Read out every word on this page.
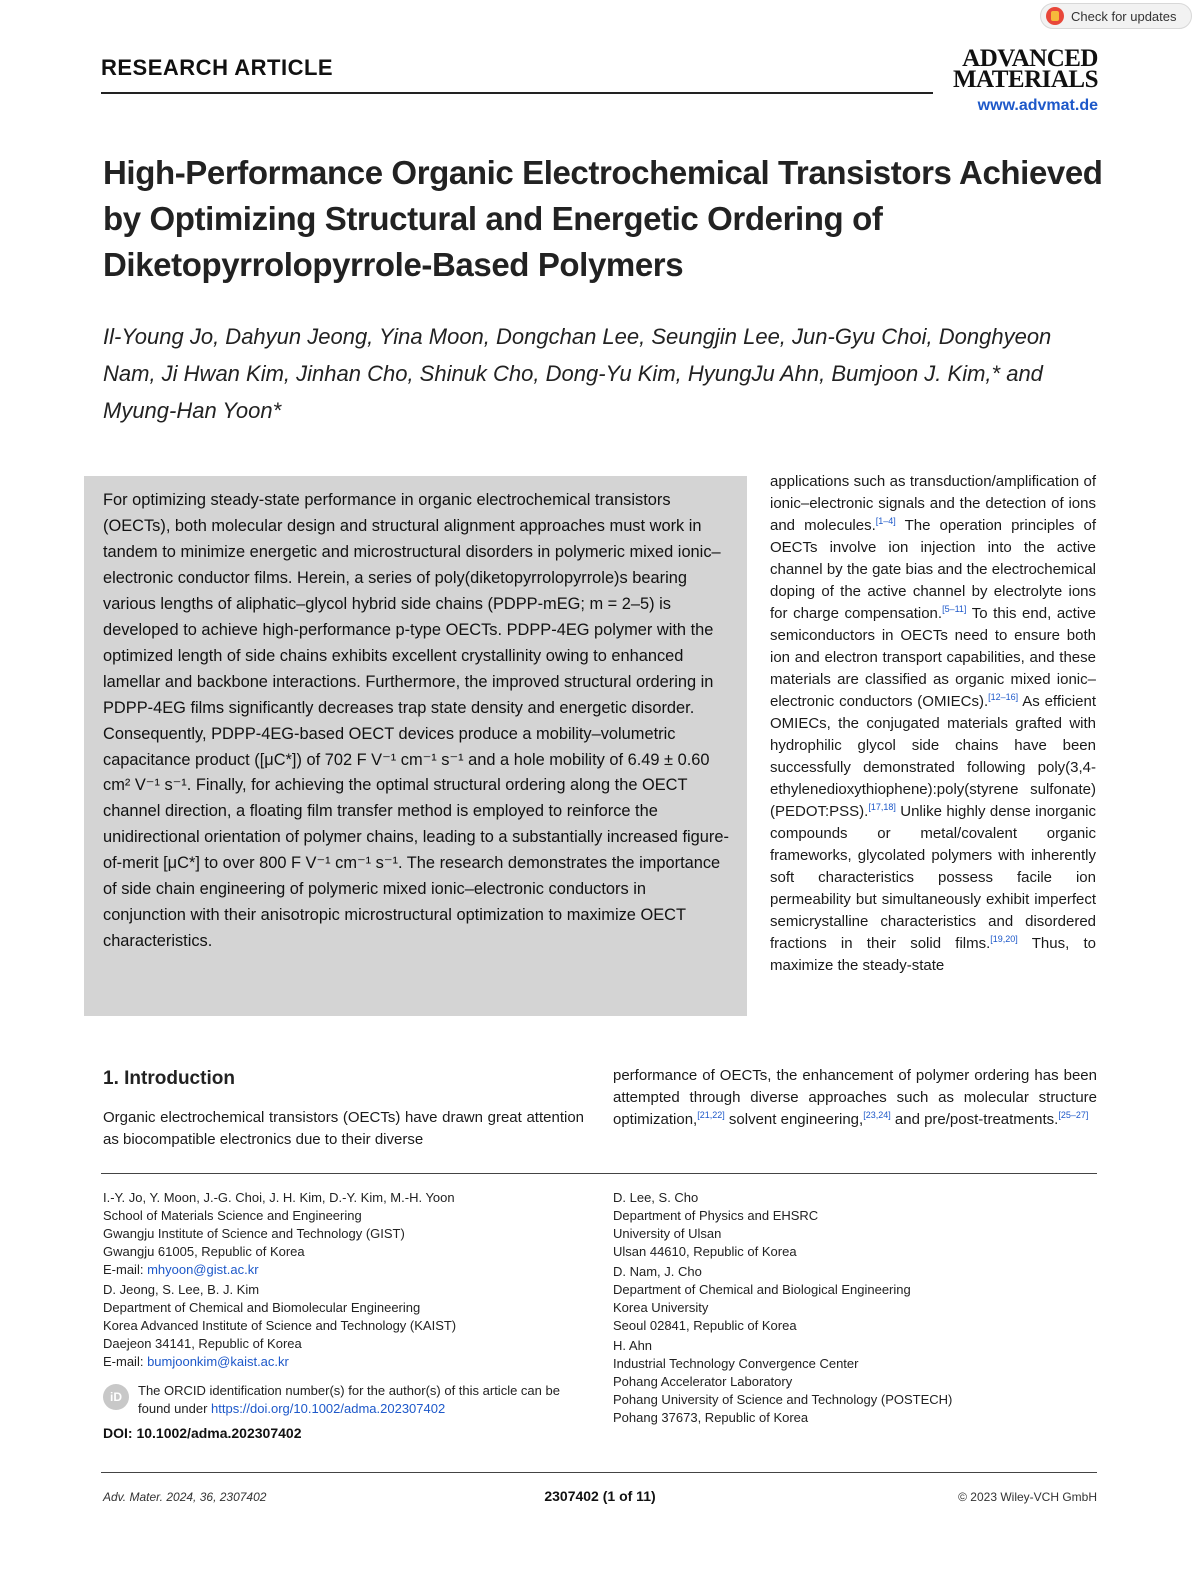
Check for updates
RESEARCH ARTICLE	ADVANCED
MATERIALS
www.advmat.de
High-Performance Organic Electrochemical Transistors Achieved by Optimizing Structural and Energetic Ordering of Diketopyrrolopyrrole-Based Polymers
Il-Young Jo, Dahyun Jeong, Yina Moon, Dongchan Lee, Seungjin Lee, Jun-Gyu Choi, Donghyeon Nam, Ji Hwan Kim, Jinhan Cho, Shinuk Cho, Dong-Yu Kim, HyungJu Ahn, Bumjoon J. Kim,* and Myung-Han Yoon*
For optimizing steady-state performance in organic electrochemical transistors (OECTs), both molecular design and structural alignment approaches must work in tandem to minimize energetic and microstructural disorders in polymeric mixed ionic–electronic conductor films. Herein, a series of poly(diketopyrrolopyrrole)s bearing various lengths of aliphatic–glycol hybrid side chains (PDPP-mEG; m = 2–5) is developed to achieve high-performance p-type OECTs. PDPP-4EG polymer with the optimized length of side chains exhibits excellent crystallinity owing to enhanced lamellar and backbone interactions. Furthermore, the improved structural ordering in PDPP-4EG films significantly decreases trap state density and energetic disorder. Consequently, PDPP-4EG-based OECT devices produce a mobility–volumetric capacitance product ([μC*]) of 702 F V⁻¹ cm⁻¹ s⁻¹ and a hole mobility of 6.49 ± 0.60 cm² V⁻¹ s⁻¹. Finally, for achieving the optimal structural ordering along the OECT channel direction, a floating film transfer method is employed to reinforce the unidirectional orientation of polymer chains, leading to a substantially increased figure-of-merit [μC*] to over 800 F V⁻¹ cm⁻¹ s⁻¹. The research demonstrates the importance of side chain engineering of polymeric mixed ionic–electronic conductors in conjunction with their anisotropic microstructural optimization to maximize OECT characteristics.
applications such as transduction/amplification of ionic–electronic signals and the detection of ions and molecules.[1–4] The operation principles of OECTs involve ion injection into the active channel by the gate bias and the electrochemical doping of the active channel by electrolyte ions for charge compensation.[5–11] To this end, active semiconductors in OECTs need to ensure both ion and electron transport capabilities, and these materials are classified as organic mixed ionic–electronic conductors (OMIECs).[12–16] As efficient OMIECs, the conjugated materials grafted with hydrophilic glycol side chains have been successfully demonstrated following poly(3,4-ethylenedioxythiophene):poly(styrene sulfonate) (PEDOT:PSS).[17,18] Unlike highly dense inorganic compounds or metal/covalent organic frameworks, glycolated polymers with inherently soft characteristics possess facile ion permeability but simultaneously exhibit imperfect semicrystalline characteristics and disordered fractions in their solid films.[19,20] Thus, to maximize the steady-state
performance of OECTs, the enhancement of polymer ordering has been attempted through diverse approaches such as molecular structure optimization,[21,22] solvent engineering,[23,24] and pre/post-treatments.[25–27]
1. Introduction
Organic electrochemical transistors (OECTs) have drawn great attention as biocompatible electronics due to their diverse
I.-Y. Jo, Y. Moon, J.-G. Choi, J. H. Kim, D.-Y. Kim, M.-H. Yoon
School of Materials Science and Engineering
Gwangju Institute of Science and Technology (GIST)
Gwangju 61005, Republic of Korea
E-mail: mhyoon@gist.ac.kr
D. Jeong, S. Lee, B. J. Kim
Department of Chemical and Biomolecular Engineering
Korea Advanced Institute of Science and Technology (KAIST)
Daejeon 34141, Republic of Korea
E-mail: bumjoonkim@kaist.ac.kr
iD	The ORCID identification number(s) for the author(s) of this article can be found under https://doi.org/10.1002/adma.202307402
DOI: 10.1002/adma.202307402
D. Lee, S. Cho
Department of Physics and EHSRC
University of Ulsan
Ulsan 44610, Republic of Korea
D. Nam, J. Cho
Department of Chemical and Biological Engineering
Korea University
Seoul 02841, Republic of Korea
H. Ahn
Industrial Technology Convergence Center
Pohang Accelerator Laboratory
Pohang University of Science and Technology (POSTECH)
Pohang 37673, Republic of Korea
Adv. Mater. 2024, 36, 2307402	2307402 (1 of 11)	© 2023 Wiley-VCH GmbH
